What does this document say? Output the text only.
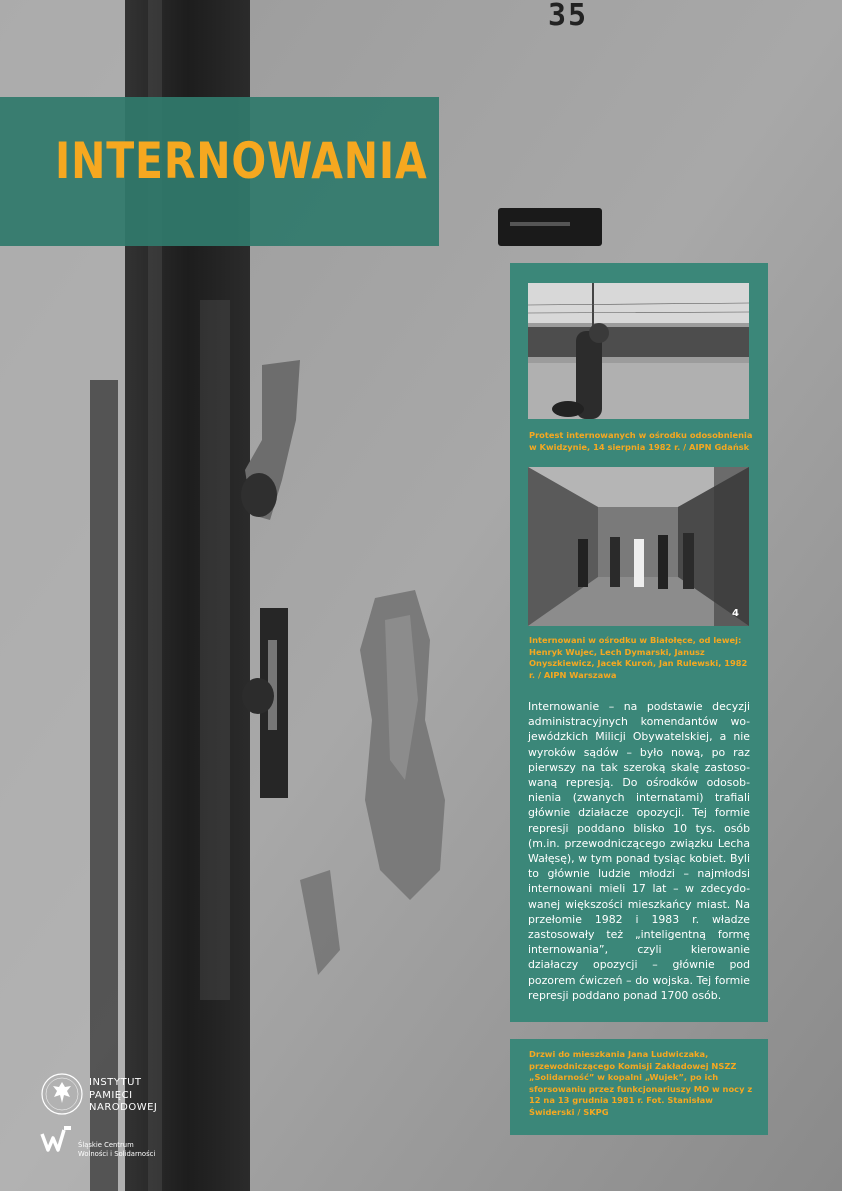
35
INTERNOWANIA
Protest internowanych w ośrodku odosobnienia w Kwidzynie, 14 sierpnia 1982 r. / AIPN Gdańsk
4
Internowani w ośrodku w Białołęce, od lewej: Henryk Wujec, Lech Dymarski, Janusz Onyszkiewicz, Jacek Kuroń, Jan Rulewski, 1982 r. / AIPN Warszawa
Internowanie – na podstawie decyzji administracyjnych komendantów wojewódzkich Milicji Obywatelskiej, a nie wyroków sądów – było nową, po raz pierwszy na tak szeroką skalę zastosowaną represją. Do ośrodków odosobnienia (zwanych internatami) trafiali głównie działacze opozycji. Tej formie represji poddano blisko 10 tys. osób (m.in. przewodniczącego związku Lecha Wałęsę), w tym ponad tysiąc kobiet. Byli to głównie ludzie młodzi – najmłodsi internowani mieli 17 lat – w zdecydowanej większości mieszkańcy miast. Na przełomie 1982 i 1983 r. władze zastosowały też „inteligentną formę internowania”, czyli kierowanie działaczy opozycji – głównie pod pozorem ćwiczeń – do wojska. Tej formie represji poddano ponad 1700 osób.
Drzwi do mieszkania Jana Ludwiczaka, przewodniczącego Komisji Zakładowej NSZZ „Solidarność” w kopalni „Wujek”, po ich sforsowaniu przez funkcjonariuszy MO w nocy z 12 na 13 grudnia 1981 r. Fot. Stanisław Świderski / SKPG
INSTYTUT
PAMIĘCI
NARODOWEJ
Śląskie Centrum
Wolności i Solidarności
